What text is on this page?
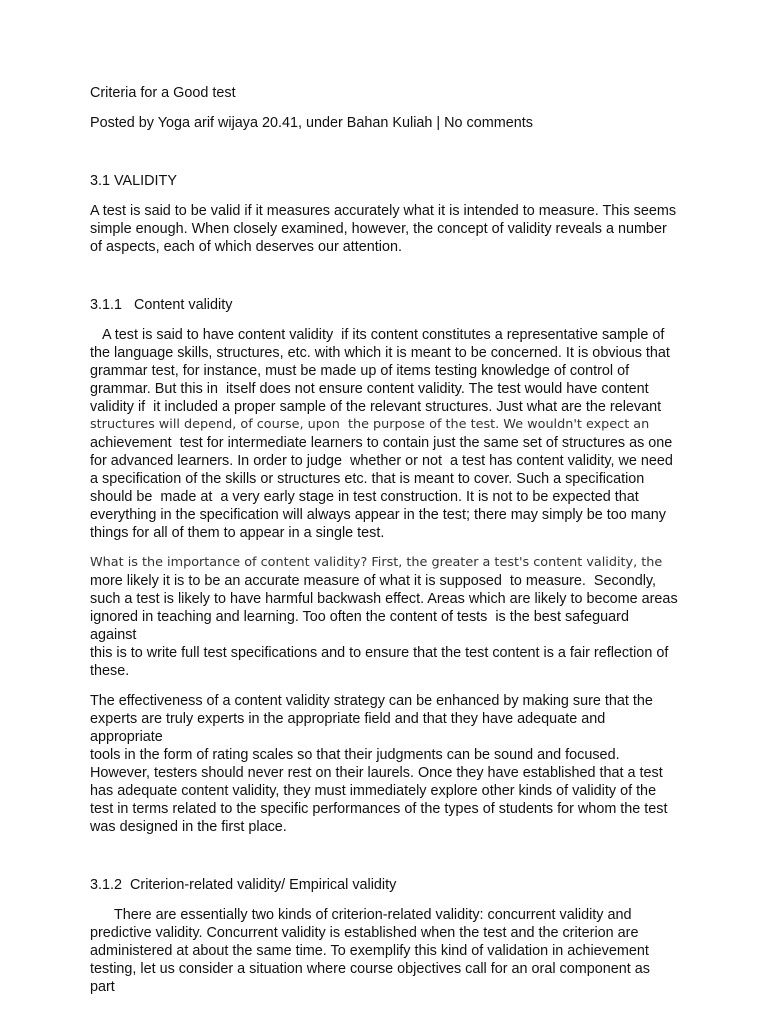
Criteria for a Good test

Posted by Yoga arif wijaya 20.41, under Bahan Kuliah | No comments

3.1 VALIDITY

A test is said to be valid if it measures accurately what it is intended to measure. This seems

simple enough. When closely examined, however, the concept of validity reveals a number

of aspects, each of which deserves our attention.

3.1.1   Content validity

A test is said to have content validity  if its content constitutes a representative sample of

the language skills, structures, etc. with which it is meant to be concerned. It is obvious that

grammar test, for instance, must be made up of items testing knowledge of control of

grammar. But this in  itself does not ensure content validity. The test would have content

validity if  it included a proper sample of the relevant structures. Just what are the relevant

structures will depend, of course, upon  the purpose of the test. We wouldn't expect an

achievement  test for intermediate learners to contain just the same set of structures as one

for advanced learners. In order to judge  whether or not  a test has content validity, we need

a specification of the skills or structures etc. that is meant to cover. Such a specification

should be  made at  a very early stage in test construction. It is not to be expected that

everything in the specification will always appear in the test; there may simply be too many

things for all of them to appear in a single test.

What is the importance of content validity? First, the greater a test's content validity, the

more likely it is to be an accurate measure of what it is supposed  to measure.  Secondly,

such a test is likely to have harmful backwash effect. Areas which are likely to become areas

ignored in teaching and learning. Too often the content of tests  is the best safeguard against

this is to write full test specifications and to ensure that the test content is a fair reflection of

these.

The effectiveness of a content validity strategy can be enhanced by making sure that the

experts are truly experts in the appropriate field and that they have adequate and appropriate

tools in the form of rating scales so that their judgments can be sound and focused.

However, testers should never rest on their laurels. Once they have established that a test

has adequate content validity, they must immediately explore other kinds of validity of the

test in terms related to the specific performances of the types of students for whom the test

was designed in the first place.

3.1.2  Criterion-related validity/ Empirical validity

There are essentially two kinds of criterion-related validity: concurrent validity and

predictive validity. Concurrent validity is established when the test and the criterion are

administered at about the same time. To exemplify this kind of validation in achievement

testing, let us consider a situation where course objectives call for an oral component as part
